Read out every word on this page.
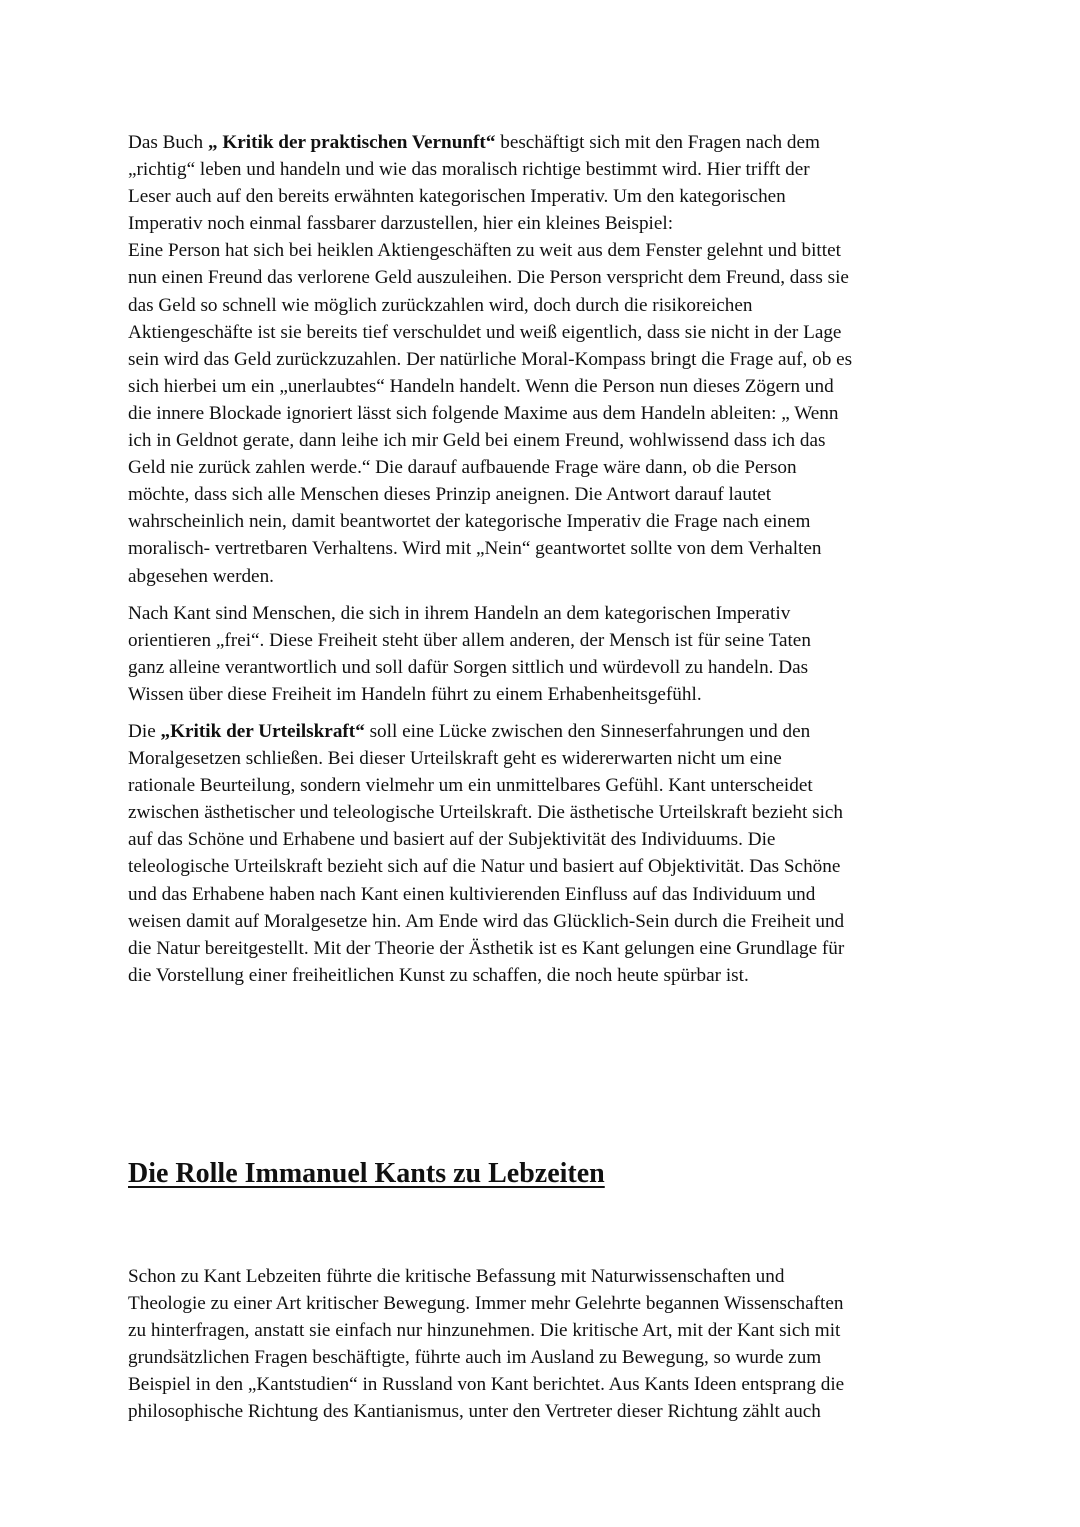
Das Buch „ Kritik der praktischen Vernunft“ beschäftigt sich mit den Fragen nach dem
„richtig“ leben und handeln und wie das moralisch richtige bestimmt wird. Hier trifft der
Leser auch auf den bereits erwähnten kategorischen Imperativ. Um den kategorischen
Imperativ noch einmal fassbarer darzustellen, hier ein kleines Beispiel:
Eine Person hat sich bei heiklen Aktiengeschäften zu weit aus dem Fenster gelehnt und bittet
nun einen Freund das verlorene Geld auszuleihen. Die Person verspricht dem Freund, dass sie
das Geld so schnell wie möglich zurückzahlen wird, doch durch die risikoreichen
Aktiengeschäfte ist sie bereits tief verschuldet und weiß eigentlich, dass sie nicht in der Lage
sein wird das Geld zurückzuzahlen. Der natürliche Moral-Kompass bringt die Frage auf, ob es
sich hierbei um ein „unerlaubtes“ Handeln handelt. Wenn die Person nun dieses Zögern und
die innere Blockade ignoriert lässt sich folgende Maxime aus dem Handeln ableiten: „ Wenn
ich in Geldnot gerate, dann leihe ich mir Geld bei einem Freund, wohlwissend dass ich das
Geld nie zurück zahlen werde.“ Die darauf aufbauende Frage wäre dann, ob die Person
möchte, dass sich alle Menschen dieses Prinzip aneignen. Die Antwort darauf lautet
wahrscheinlich nein, damit beantwortet der kategorische Imperativ die Frage nach einem
moralisch- vertretbaren Verhaltens. Wird mit „Nein“ geantwortet sollte von dem Verhalten
abgesehen werden.

Nach Kant sind Menschen, die sich in ihrem Handeln an dem kategorischen Imperativ
orientieren „frei“. Diese Freiheit steht über allem anderen, der Mensch ist für seine Taten
ganz alleine verantwortlich und soll dafür Sorgen sittlich und würdevoll zu handeln. Das
Wissen über diese Freiheit im Handeln führt zu einem Erhabenheitsgefühl.

Die „Kritik der Urteilskraft“ soll eine Lücke zwischen den Sinneserfahrungen und den
Moralgesetzen schließen. Bei dieser Urteilskraft geht es widererwarten nicht um eine
rationale Beurteilung, sondern vielmehr um ein unmittelbares Gefühl. Kant unterscheidet
zwischen ästhetischer und teleologische Urteilskraft. Die ästhetische Urteilskraft bezieht sich
auf das Schöne und Erhabene und basiert auf der Subjektivität des Individuums. Die
teleologische Urteilskraft bezieht sich auf die Natur und basiert auf Objektivität. Das Schöne
und das Erhabene haben nach Kant einen kultivierenden Einfluss auf das Individuum und
weisen damit auf Moralgesetze hin. Am Ende wird das Glücklich-Sein durch die Freiheit und
die Natur bereitgestellt. Mit der Theorie der Ästhetik ist es Kant gelungen eine Grundlage für
die Vorstellung einer freiheitlichen Kunst zu schaffen, die noch heute spürbar ist.

Die Rolle Immanuel Kants zu Lebzeiten

Schon zu Kant Lebzeiten führte die kritische Befassung mit Naturwissenschaften und
Theologie zu einer Art kritischer Bewegung. Immer mehr Gelehrte begannen Wissenschaften
zu hinterfragen, anstatt sie einfach nur hinzunehmen. Die kritische Art, mit der Kant sich mit
grundsätzlichen Fragen beschäftigte, führte auch im Ausland zu Bewegung, so wurde zum
Beispiel in den „Kantstudien“ in Russland von Kant berichtet. Aus Kants Ideen entsprang die
philosophische Richtung des Kantianismus, unter den Vertreter dieser Richtung zählt auch
